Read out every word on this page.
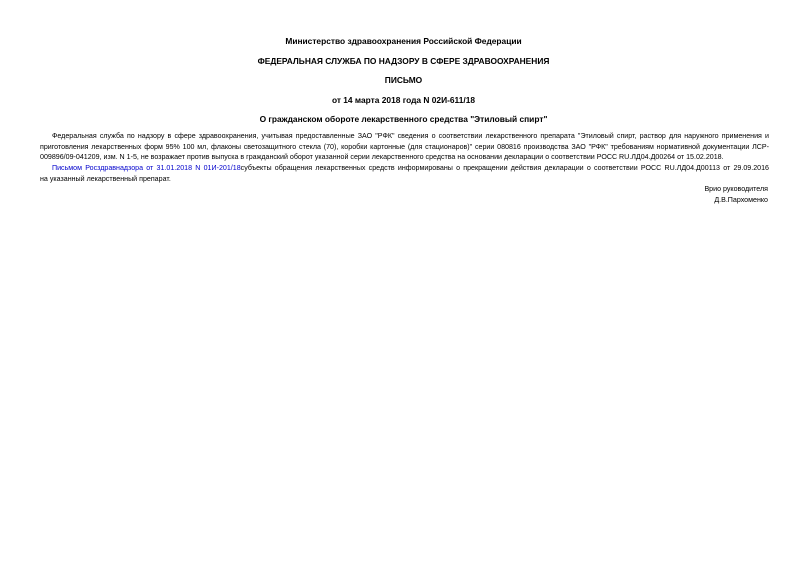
Министерство здравоохранения Российской Федерации
ФЕДЕРАЛЬНАЯ СЛУЖБА ПО НАДЗОРУ В СФЕРЕ ЗДРАВООХРАНЕНИЯ
ПИСЬМО
от 14 марта 2018 года N 02И-611/18
О гражданском обороте лекарственного средства "Этиловый спирт"
Федеральная служба по надзору в сфере здравоохранения, учитывая предоставленные ЗАО "РФК" сведения о соответствии лекарственного препарата "Этиловый спирт, раствор для наружного применения и
приготовления лекарственных форм 95% 100 мл, флаконы светозащитного стекла (70), коробки картонные (для стационаров)" серии 080816 производства ЗАО "РФК" требованиям нормативной документации ЛСР-
009896/09-041209, изм. N 1-5, не возражает против выпуска в гражданский оборот указанной серии лекарственного средства на основании декларации о соответствии РОСС RU.ЛД04.Д00264 от 15.02.2018.
Письмом Росздравнадзора от 31.01.2018 N 01И-201/18субъекты обращения лекарственных средств информированы о прекращении действия декларации о соответствии РОСС RU.ЛД04.Д00113 от 29.09.2016
на указанный лекарственный препарат.
Врио руководителя
Д.В.Пархоменко
